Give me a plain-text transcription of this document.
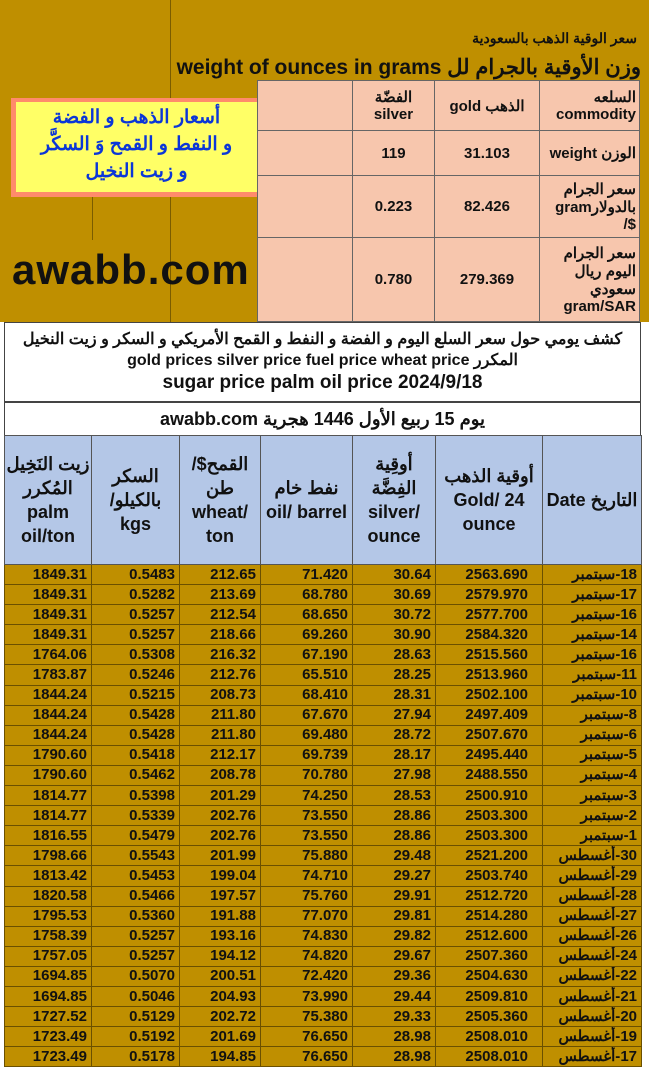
سعر الوقية الذهب بالسعودية
وزن الأوقية بالجرام لل weight of ounces in grams
أسعار الذهب و الفضة
و النفط و القمح وَ السكَّر
و زيت النخيل
awabb.com
	الفضّة silver	الذهب gold	السلعه commodity
	119	31.103	الوزن weight
	0.223	82.426	سعر الجرام بالدولارgram $/
	0.780	279.369	سعر الجرام اليوم ريال سعودي gram/SAR
كشف يومي حول سعر السلع اليوم و الفضة و النفط و القمح الأمريكي و السكر و زيت النخيل المكرر gold prices silver price fuel price wheat price
sugar price palm oil price 2024/9/18
يوم 15 ربيع الأول 1446 هجرية awabb.com
زيت النَخِيل المُكرر palm oil/ton	السكر بالكيلو/ kgs	القمح$/ طن wheat/ ton	نفط خام oil/ barrel	أوقِية الفِضَّة silver/ ounce	أوقية الذهب Gold/ 24 ounce	التاريخ Date
1849.31	0.5483	212.65	71.420	30.64	2563.690	18-سبتمبر
1849.31	0.5282	213.69	68.780	30.69	2579.970	17-سبتمبر
1849.31	0.5257	212.54	68.650	30.72	2577.700	16-سبتمبر
1849.31	0.5257	218.66	69.260	30.90	2584.320	14-سبتمبر
1764.06	0.5308	216.32	67.190	28.63	2515.560	16-سبتمبر
1783.87	0.5246	212.76	65.510	28.25	2513.960	11-سبتمبر
1844.24	0.5215	208.73	68.410	28.31	2502.100	10-سبتمبر
1844.24	0.5428	211.80	67.670	27.94	2497.409	8-سبتمبر
1844.24	0.5428	211.80	69.480	28.72	2507.670	6-سبتمبر
1790.60	0.5418	212.17	69.739	28.17	2495.440	5-سبتمبر
1790.60	0.5462	208.78	70.780	27.98	2488.550	4-سبتمبر
1814.77	0.5398	201.29	74.250	28.53	2500.910	3-سبتمبر
1814.77	0.5339	202.76	73.550	28.86	2503.300	2-سبتمبر
1816.55	0.5479	202.76	73.550	28.86	2503.300	1-سبتمبر
1798.66	0.5543	201.99	75.880	29.48	2521.200	30-أغسطس
1813.42	0.5453	199.04	74.710	29.27	2503.740	29-أغسطس
1820.58	0.5466	197.57	75.760	29.91	2512.720	28-أغسطس
1795.53	0.5360	191.88	77.070	29.81	2514.280	27-أغسطس
1758.39	0.5257	193.16	74.830	29.82	2512.600	26-أغسطس
1757.05	0.5257	194.12	74.820	29.67	2507.360	24-أغسطس
1694.85	0.5070	200.51	72.420	29.36	2504.630	22-أغسطس
1694.85	0.5046	204.93	73.990	29.44	2509.810	21-أغسطس
1727.52	0.5129	202.72	75.380	29.33	2505.360	20-أغسطس
1723.49	0.5192	201.69	76.650	28.98	2508.010	19-أغسطس
1723.49	0.5178	194.85	76.650	28.98	2508.010	17-أغسطس
